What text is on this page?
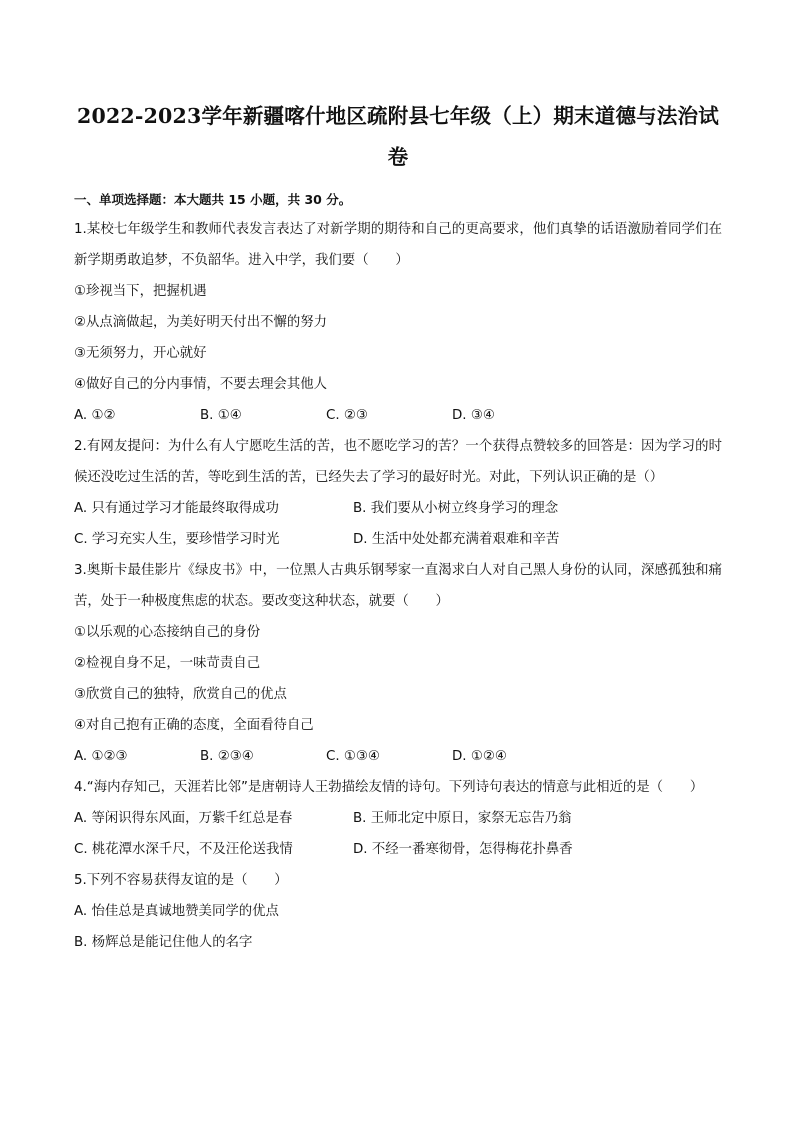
2022-2023学年新疆喀什地区疏附县七年级（上）期末道德与法治试
卷
一、单项选择题：本大题共 15 小题，共 30 分。
1.某校七年级学生和教师代表发言表达了对新学期的期待和自己的更高要求，他们真挚的话语激励着同学们在新学期勇敢追梦，不负韶华。进入中学，我们要（　　）
①珍视当下，把握机遇
②从点滴做起，为美好明天付出不懈的努力
③无须努力，开心就好
④做好自己的分内事情，不要去理会其他人
A. ①②	B. ①④	C. ②③	D. ③④
2.有网友提问：为什么有人宁愿吃生活的苦，也不愿吃学习的苦？一个获得点赞较多的回答是：因为学习的时候还没吃过生活的苦，等吃到生活的苦，已经失去了学习的最好时光。对此，下列认识正确的是（）
A. 只有通过学习才能最终取得成功	B. 我们要从小树立终身学习的理念
C. 学习充实人生，要珍惜学习时光	D. 生活中处处都充满着艰难和辛苦
3.奥斯卡最佳影片《绿皮书》中，一位黑人古典乐钢琴家一直渴求白人对自己黑人身份的认同，深感孤独和痛苦，处于一种极度焦虑的状态。要改变这种状态，就要（　　）
①以乐观的心态接纳自己的身份
②检视自身不足，一味苛责自己
③欣赏自己的独特，欣赏自己的优点
④对自己抱有正确的态度，全面看待自己
A. ①②③	B. ②③④	C. ①③④	D. ①②④
4.“海内存知己，天涯若比邻”是唐朝诗人王勃描绘友情的诗句。下列诗句表达的情意与此相近的是（　　）
A. 等闲识得东风面，万紫千红总是春	B. 王师北定中原日，家祭无忘告乃翁
C. 桃花潭水深千尺，不及汪伦送我情	D. 不经一番寒彻骨，怎得梅花扑鼻香
5.下列不容易获得友谊的是（　　）
A. 怡佳总是真诚地赞美同学的优点
B. 杨辉总是能记住他人的名字
